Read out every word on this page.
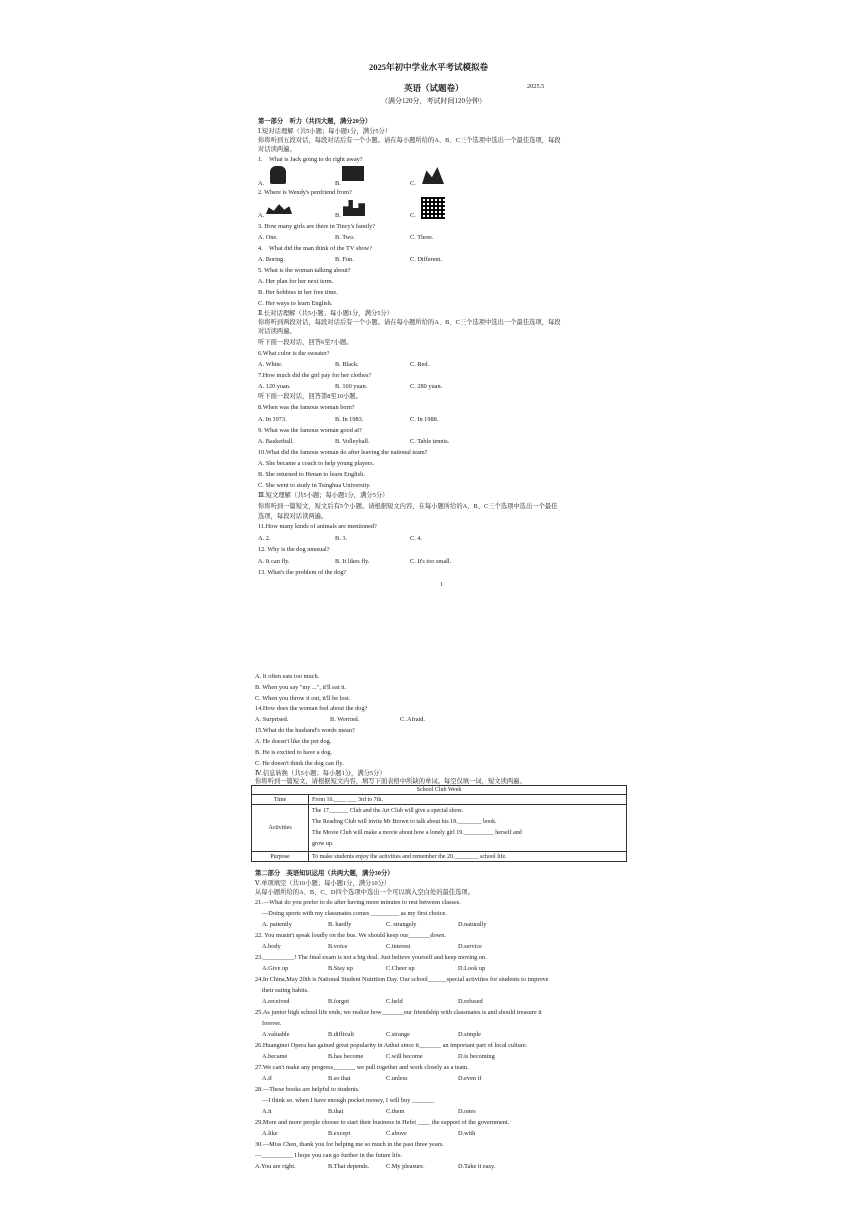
2025年初中学业水平考试模拟卷
英语（试题卷）	2025.5
（满分120分，考试时间120分钟）
第一部分　听力（共四大题，满分20分）
Ⅰ.短对话理解（共5小题；每小题1分，满分5分）
你将听到五段对话，每段对话后有一个小题。请在每小题所给的A、B、C三个选项中选出一个最佳选项，每段
对话读两遍。
1.　What is Jack going to do right away?
A.	B.	C.
2. Where is Wendy's penfriend from?
A.	B.	C.
3. How many girls are there in Tincy's family?
A. One.	B. Two.	C. Three.
4.　What did the man think of the TV show?
A. Boring.	B. Fun.	C. Different.
5. What is the woman talking about?
A. Her plan for her next term.
B. Her hobbies in her free time.
C. Her ways to learn English.
Ⅱ.长对话理解（共5小题；每小题1分，满分5分）
你将听到两段对话，每段对话后有一个小题。请在每小题所给的A、B、C三个选项中选出一个最佳选项，每段
对话读两遍。
听下面一段对话，回答6至7小题。
6.What color is the sweater?
A. White.	B. Black.	C. Red.
7.How much did the girl pay for her clothes?
A. 120 yuan.	B. 160 yuan.	C. 280 yuan.
听下面一段对话，回答第8至10小题。
8.When was the famous woman born?
A. In 1973.	B. In 1983.	C. In 1988.
9. What was the famous woman good at?
A. Basketball.	B. Volleyball.	C. Table tennis.
10.What did the famous woman do after leaving the national team?
A. She became a coach to help young players.
B. She returned to Henan to learn English.
C. She went to study in Tsinghua University.
Ⅲ.短文理解（共5小题；每小题1分，满分5分）
你将听到一篇短文，短文后有5个小题。请根据短文内容，在每小题所给的A、B、C三个选项中选出一个最佳
选项，每段对话读两遍。
11.How many kinds of animals are mentioned?
A. 2.	B. 3.	C. 4.
12. Why is the dog unusual?
A. It can fly.	B. It likes fly.	C. It's too small.
13. What's the problem of the dog?
1
A. It often eats too much.
B. When you say "my ...", it'll eat it.
C. When you throw it out, it'll be lost.
14.How does the woman feel about the dog?
A. Surprised.	B. Worried.	C. Afraid.
15.What do the husband's words mean?
A. He doesn't like the pet dog.
B. He is excited to have a dog.
C. He doesn't think the dog can fly.
Ⅳ.信息转换（共5小题；每小题1分，满分5分）
你将听到一篇短文，请根据短文内容，填写下面表格中所缺的单词。每空仅填一词，短文读两遍。
School Club Week	
Time	From 16.____ ___ 3rd to 7th.
Activities	The 17.______ Club and the Art Club will give a special show.
The Reading Club will invite Mr Brown to talk about his 18.________ book.
The Movie Club will make a movie about how a lonely girl 19.__________ herself and
grow up.

Purpose	To make students enjoy the activities and remember the 20.________ school life.
第二部分　英语知识运用（共两大题，满分30分）
Ⅴ.单项填空（共10小题；每小题1分，满分10分）
从每小题所给的A、B、C、D四个选项中选出一个可以填入空白处的最佳选项。
21.—What do you prefer to do after having more minutes to rest between classes.
—Doing sports with my classmates comes _________ as my first choice.
A. patiently	B. hardly	C. strangely	D.naturally
22. You mustn't speak loudly on the bus. We should keep our_______down.
A.body	B.voice	C.interest	D.service
23.__________! The final exam is not a big deal. Just believe yourself and keep moving on.
A.Give up	B.Stay up	C.Cheer up	D.Look up
24.In China,May 20th is National Student Nutrition Day. Our school______special activities for students to improve
their eating habits.
A.received	B.forgot	C.held	D.refused
25.As junior high school life ends, we realize how_______our friendship with classmates is and should treasure it
forever.
A.valuable	B.difficult	C.strange	D.simple
26.Huangmei Opera has gained great popularity in Anhui since it_______ an important part of local culture.
A.became	B.has become	C.will become	D.is becoming
27.We can't make any progress_______ we pull together and work closely as a team.
A.if	B.so that	C.unless	D.even if
28.—These books are helpful to students.
—I think so. when I have enough pocket money, I will buy _______
A.it	B.that	C.them	D.ones
29.More and more people choose to start their business in Hefei ____ the support of the government.
A.like	B.except	C.above	D.with
30.—Miss Chen, thank you for helping me so much in the past three years.
—__________ I hope you can go further in the future life.
A.You are right.	B.That depends.	C.My pleasure.	D.Take it easy.
